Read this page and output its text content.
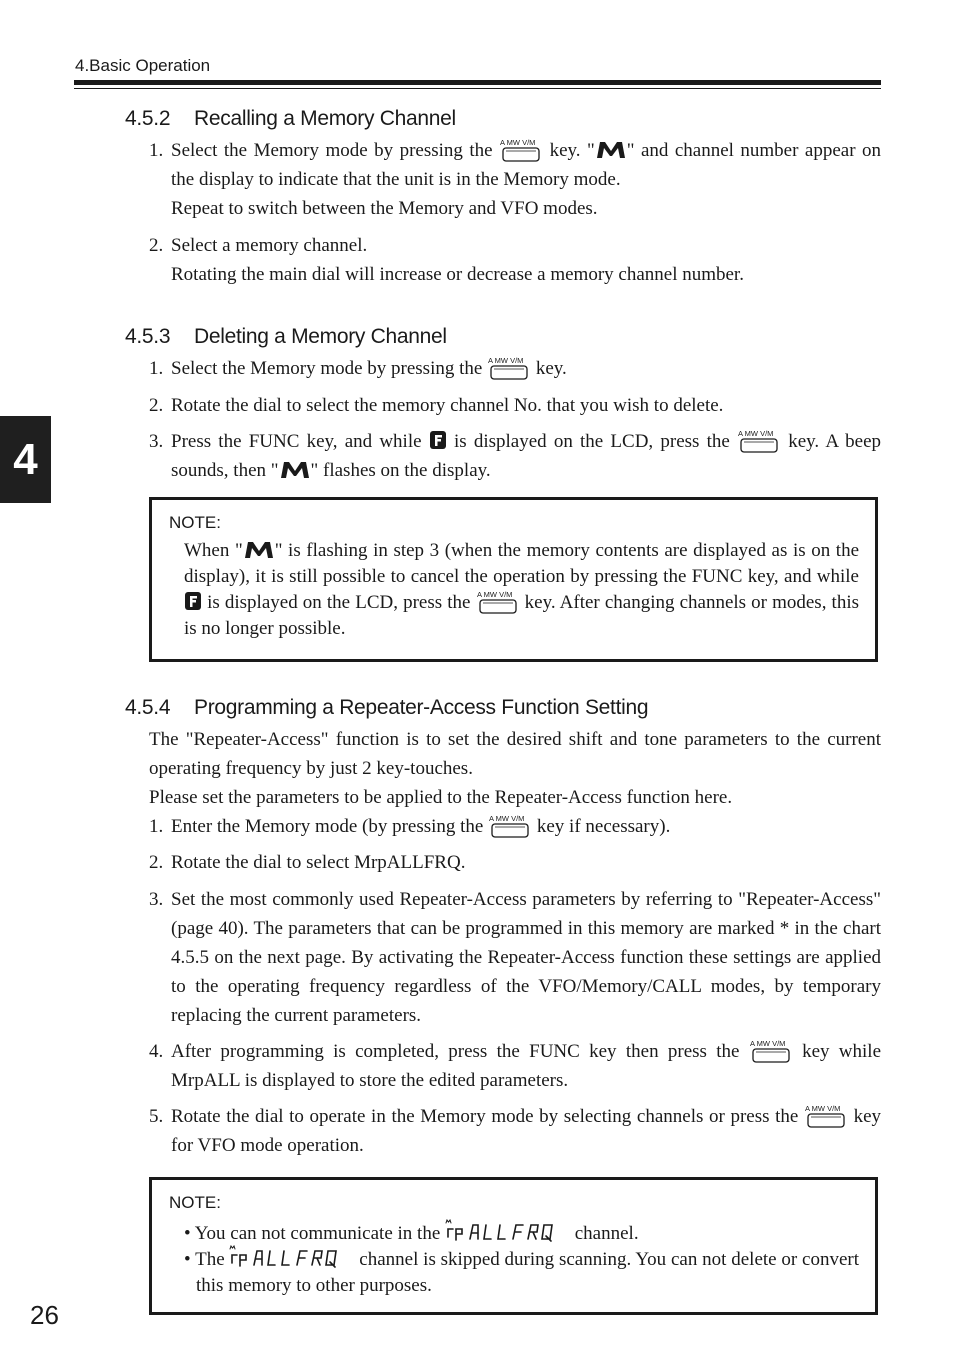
4.Basic Operation
4
26
4.5.2 Recalling a Memory Channel
1. Select the Memory mode by pressing the	key. " " and channel number appear on the display to indicate that the unit is in the Memory mode.
Repeat to switch between the Memory and VFO modes.
2. Select a memory channel.
Rotating the main dial will increase or decrease a memory channel number.
4.5.3 Deleting a Memory Channel
1. Select the Memory mode by pressing the	key.
2. Rotate the dial to select the memory channel No. that you wish to delete.
3. Press the FUNC key, and while is displayed on the LCD, press the	key. A beep sounds, then " " flashes on the display.
NOTE:
When " " is flashing in step 3 (when the memory contents are displayed as is on the display), it is still possible to cancel the operation by pressing the FUNC key, and while  is displayed on the LCD, press the	key. After changing channels or modes, this is no longer possible.
4.5.4 Programming a Repeater-Access Function Setting
The "Repeater-Access" function is to set the desired shift and tone parameters to the current operating frequency by just 2 key-touches.
Please set the parameters to be applied to the Repeater-Access function here.
1. Enter the Memory mode (by pressing the	key if necessary).
2. Rotate the dial to select MrpALLFRQ.
3. Set the most commonly used Repeater-Access parameters by referring to "Repeater-Access" (page 40). The parameters that can be programmed in this memory are marked * in the chart 4.5.5 on the next page. By activating the Repeater-Access function these settings are applied to the operating frequency regardless of the VFO/Memory/CALL modes, by temporary replacing the current parameters.
4. After programming is completed, press the FUNC key then press the	key while MrpALL is displayed to store the edited parameters.
5. Rotate the dial to operate in the Memory mode by selecting channels or press the	key for VFO mode operation.
NOTE:
• You can not communicate in the	channel.
• The	channel is skipped during scanning. You can not delete or convert this memory to other purposes.
